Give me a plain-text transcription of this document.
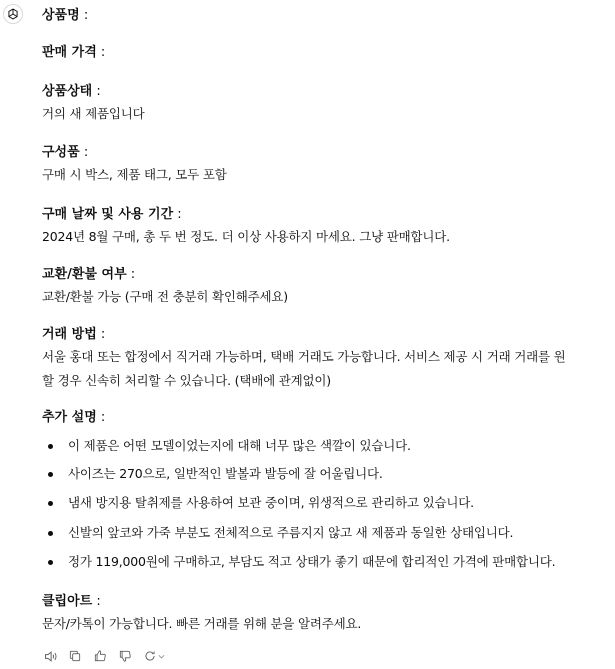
상품명 :
판매 가격 :
상품상태 :
거의 새 제품입니다
구성품 :
구매 시 박스, 제품 태그, 모두 포함
구매 날짜 및 사용 기간 :
2024년 8월 구매, 총 두 번 정도. 더 이상 사용하지 마세요. 그냥 판매합니다.
교환/환불 여부 :
교환/환불 가능 (구매 전 충분히 확인해주세요)
거래 방법 :
서울 홍대 또는 합정에서 직거래 가능하며, 택배 거래도 가능합니다. 서비스 제공 시 거래 거래를 원
할 경우 신속히 처리할 수 있습니다. (택배에 관계없이)
추가 설명 :
이 제품은 어떤 모델이었는지에 대해 너무 많은 색깔이 있습니다.
사이즈는 270으로, 일반적인 발볼과 발등에 잘 어울립니다.
냄새 방지용 탈취제를 사용하여 보관 중이며, 위생적으로 관리하고 있습니다.
신발의 앞코와 가죽 부분도 전체적으로 주름지지 않고 새 제품과 동일한 상태입니다.
정가 119,000원에 구매하고, 부담도 적고 상태가 좋기 때문에 합리적인 가격에 판매합니다.
클립아트 :
문자/카톡이 가능합니다. 빠른 거래를 위해 분을 알려주세요.
